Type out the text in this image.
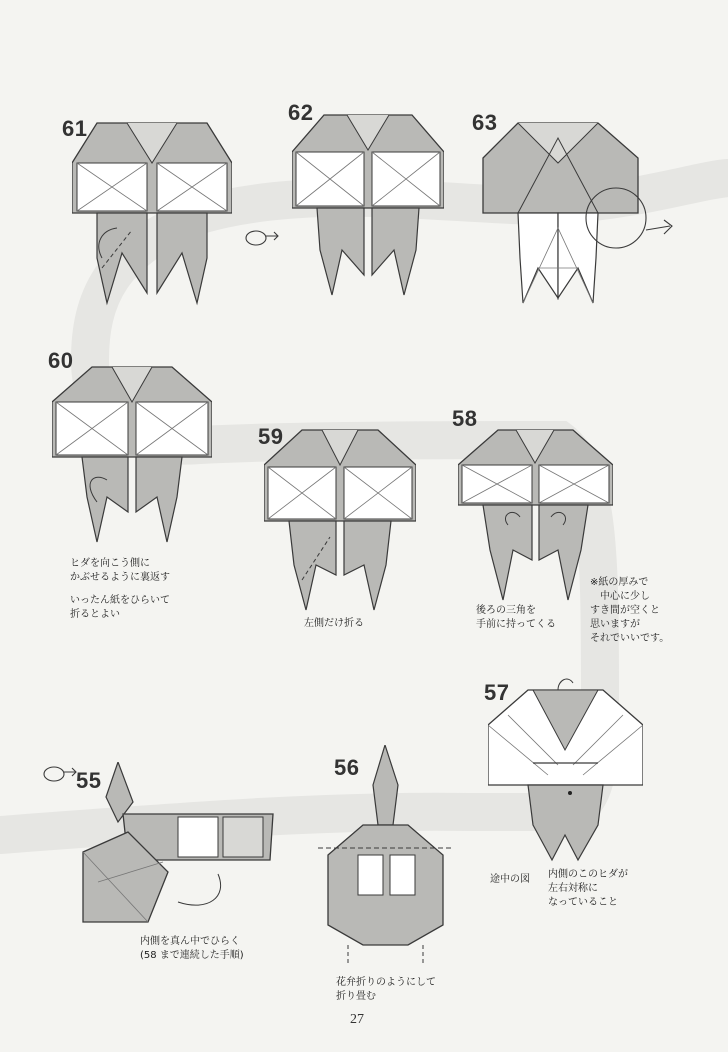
61
62	63
60
ヒダを向こう側に
かぶせるように裏返す
いったん紙をひらいて
折るとよい
59
左側だけ折る
58
後ろの三角を
手前に持ってくる
※紙の厚みで
中心に少し
すき間が空くと
思いますが
それでいいです。
57
途中の図 内側のこのヒダが
左右対称に
なっていること
56
花弁折りのようにして
折り畳む
55
内側を真ん中でひらく
(58 まで連続した手順)
27
